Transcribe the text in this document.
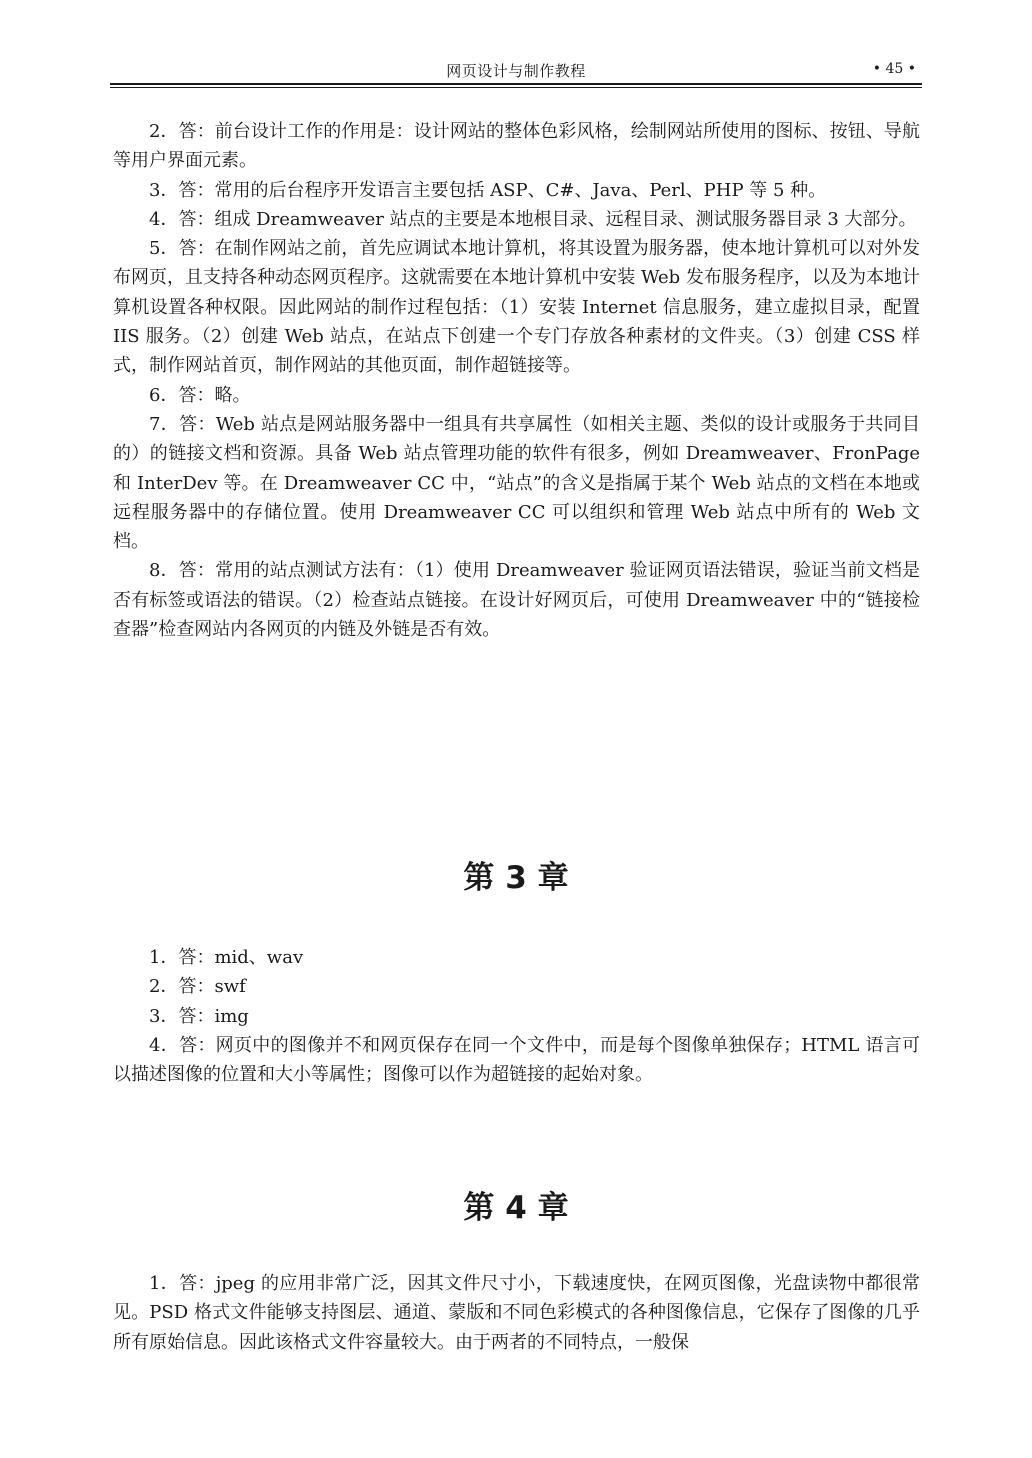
网页设计与制作教程	• 45 •

2．答：前台设计工作的作用是：设计网站的整体色彩风格，绘制网站所使用的图标、按钮、导航等用户界面元素。

3．答：常用的后台程序开发语言主要包括 ASP、C#、Java、Perl、PHP 等 5 种。

4．答：组成 Dreamweaver 站点的主要是本地根目录、远程目录、测试服务器目录 3 大部分。

5．答：在制作网站之前，首先应调试本地计算机，将其设置为服务器，使本地计算机可以对外发布网页，且支持各种动态网页程序。这就需要在本地计算机中安装 Web 发布服务程序，以及为本地计算机设置各种权限。因此网站的制作过程包括：（1）安装 Internet 信息服务，建立虚拟目录，配置 IIS 服务。（2）创建 Web 站点，在站点下创建一个专门存放各种素材的文件夹。（3）创建 CSS 样式，制作网站首页，制作网站的其他页面，制作超链接等。

6．答：略。

7．答：Web 站点是网站服务器中一组具有共享属性（如相关主题、类似的设计或服务于共同目的）的链接文档和资源。具备 Web 站点管理功能的软件有很多，例如 Dreamweaver、FronPage 和 InterDev 等。在 Dreamweaver CC 中，“站点”的含义是指属于某个 Web 站点的文档在本地或远程服务器中的存储位置。使用 Dreamweaver CC 可以组织和管理 Web 站点中所有的 Web 文档。

8．答：常用的站点测试方法有：（1）使用 Dreamweaver 验证网页语法错误，验证当前文档是否有标签或语法的错误。（2）检查站点链接。在设计好网页后，可使用 Dreamweaver 中的“链接检查器”检查网站内各网页的内链及外链是否有效。

第 3 章

1．答：mid、wav

2．答：swf

3．答：img

4．答：网页中的图像并不和网页保存在同一个文件中，而是每个图像单独保存；HTML 语言可以描述图像的位置和大小等属性；图像可以作为超链接的起始对象。

第 4 章

1．答：jpeg 的应用非常广泛，因其文件尺寸小，下载速度快，在网页图像，光盘读物中都很常见。PSD 格式文件能够支持图层、通道、蒙版和不同色彩模式的各种图像信息，它保存了图像的几乎所有原始信息。因此该格式文件容量较大。由于两者的不同特点，一般保
